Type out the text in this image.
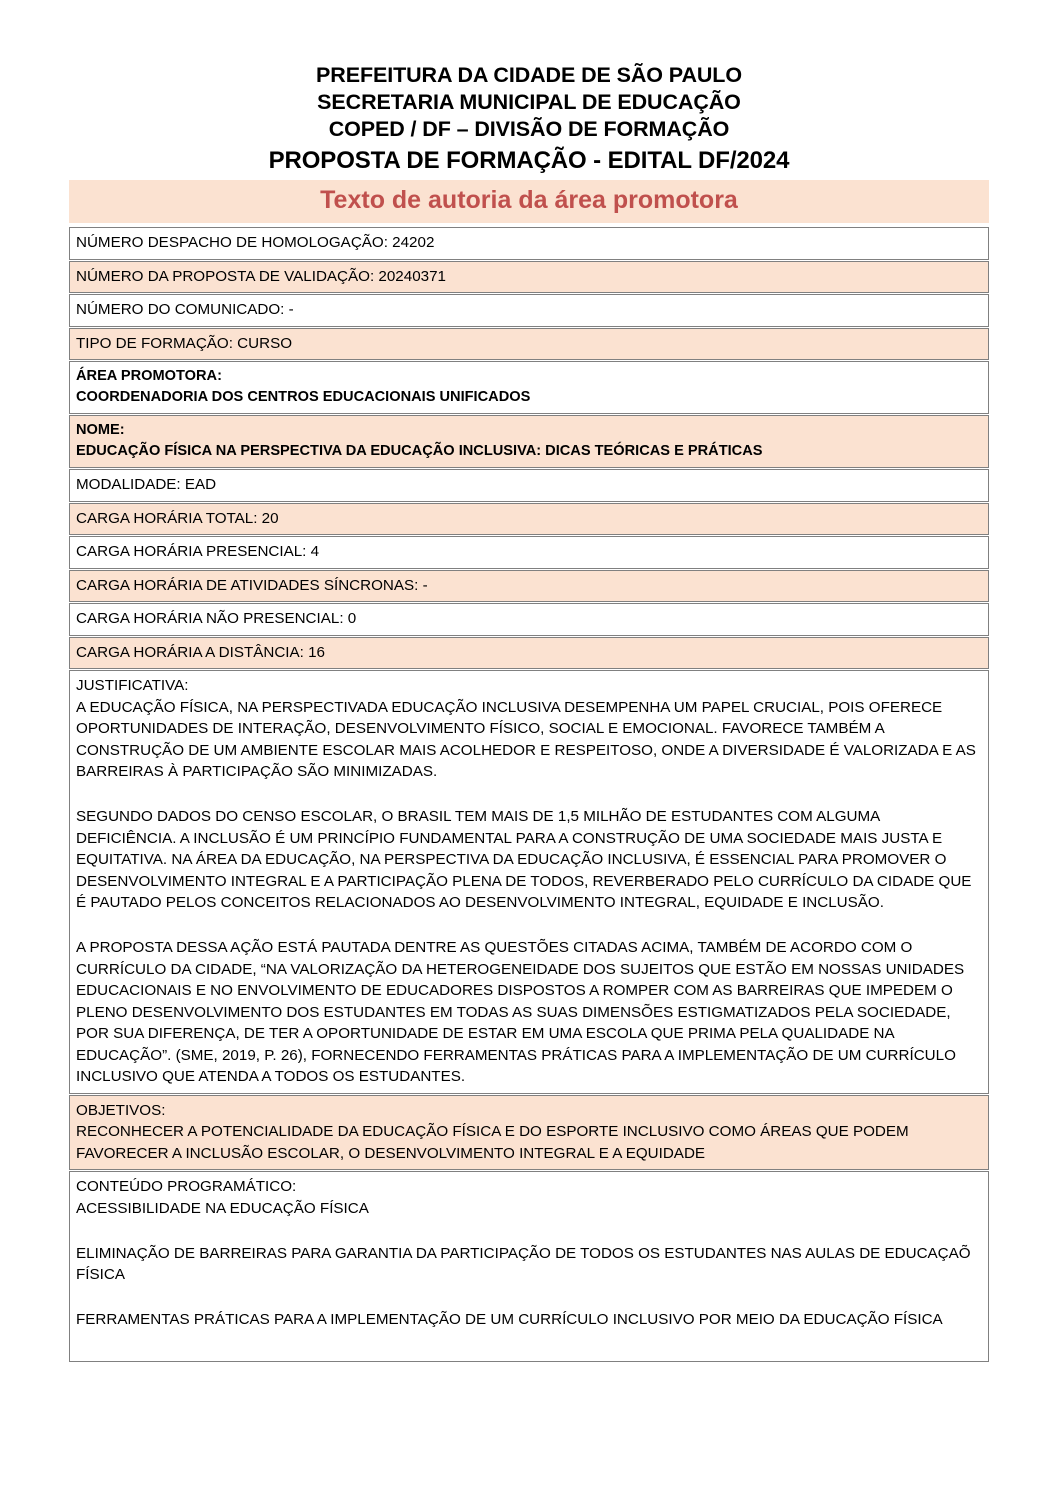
PREFEITURA DA CIDADE DE SÃO PAULO
SECRETARIA MUNICIPAL DE EDUCAÇÃO
COPED / DF – DIVISÃO DE FORMAÇÃO
PROPOSTA DE FORMAÇÃO - EDITAL DF/2024
Texto de autoria da área promotora
NÚMERO DESPACHO DE HOMOLOGAÇÃO: 24202
NÚMERO DA PROPOSTA DE VALIDAÇÃO: 20240371
NÚMERO DO COMUNICADO: -
TIPO DE FORMAÇÃO: CURSO

ÁREA PROMOTORA:
COORDENADORIA DOS CENTROS EDUCACIONAIS UNIFICADOS

NOME:
EDUCAÇÃO FÍSICA NA PERSPECTIVA DA EDUCAÇÃO INCLUSIVA: DICAS TEÓRICAS E PRÁTICAS

MODALIDADE: EAD
CARGA HORÁRIA TOTAL: 20
CARGA HORÁRIA PRESENCIAL: 4
CARGA HORÁRIA DE ATIVIDADES SÍNCRONAS: -
CARGA HORÁRIA NÃO PRESENCIAL: 0
CARGA HORÁRIA A DISTÂNCIA: 16

JUSTIFICATIVA:
A EDUCAÇÃO FÍSICA, NA PERSPECTIVADA EDUCAÇÃO INCLUSIVA DESEMPENHA UM PAPEL CRUCIAL, POIS OFERECE OPORTUNIDADES DE INTERAÇÃO, DESENVOLVIMENTO FÍSICO, SOCIAL E EMOCIONAL. FAVORECE TAMBÉM A CONSTRUÇÃO DE UM AMBIENTE ESCOLAR MAIS ACOLHEDOR E RESPEITOSO, ONDE A DIVERSIDADE É VALORIZADA E AS BARREIRAS À PARTICIPAÇÃO SÃO MINIMIZADAS.
SEGUNDO DADOS DO CENSO ESCOLAR, O BRASIL TEM MAIS DE 1,5 MILHÃO DE ESTUDANTES COM ALGUMA DEFICIÊNCIA. A INCLUSÃO É UM PRINCÍPIO FUNDAMENTAL PARA A CONSTRUÇÃO DE UMA SOCIEDADE MAIS JUSTA E EQUITATIVA. NA ÁREA DA EDUCAÇÃO, NA PERSPECTIVA DA EDUCAÇÃO INCLUSIVA, É ESSENCIAL PARA PROMOVER O DESENVOLVIMENTO INTEGRAL E A PARTICIPAÇÃO PLENA DE TODOS, REVERBERADO PELO CURRÍCULO DA CIDADE QUE É PAUTADO PELOS CONCEITOS RELACIONADOS AO DESENVOLVIMENTO INTEGRAL, EQUIDADE E INCLUSÃO.
A PROPOSTA DESSA AÇÃO ESTÁ PAUTADA DENTRE AS QUESTÕES CITADAS ACIMA, TAMBÉM DE ACORDO COM O CURRÍCULO DA CIDADE, “NA VALORIZAÇÃO DA HETEROGENEIDADE DOS SUJEITOS QUE ESTÃO EM NOSSAS UNIDADES EDUCACIONAIS E NO ENVOLVIMENTO DE EDUCADORES DISPOSTOS A ROMPER COM AS BARREIRAS QUE IMPEDEM O PLENO DESENVOLVIMENTO DOS ESTUDANTES EM TODAS AS SUAS DIMENSÕES ESTIGMATIZADOS PELA SOCIEDADE, POR SUA DIFERENÇA, DE TER A OPORTUNIDADE DE ESTAR EM UMA ESCOLA QUE PRIMA PELA QUALIDADE NA EDUCAÇÃO”. (SME, 2019, P. 26), FORNECENDO FERRAMENTAS PRÁTICAS PARA A IMPLEMENTAÇÃO DE UM CURRÍCULO INCLUSIVO QUE ATENDA A TODOS OS ESTUDANTES.

OBJETIVOS:
RECONHECER A POTENCIALIDADE DA EDUCAÇÃO FÍSICA E DO ESPORTE INCLUSIVO COMO ÁREAS QUE PODEM FAVORECER A INCLUSÃO ESCOLAR, O DESENVOLVIMENTO INTEGRAL E A EQUIDADE

CONTEÚDO PROGRAMÁTICO:
ACESSIBILIDADE NA EDUCAÇÃO FÍSICA
ELIMINAÇÃO DE BARREIRAS PARA GARANTIA DA PARTICIPAÇÃO DE TODOS OS ESTUDANTES NAS AULAS DE EDUCAÇAÕ FÍSICA
FERRAMENTAS PRÁTICAS PARA A IMPLEMENTAÇÃO DE UM CURRÍCULO INCLUSIVO POR MEIO DA EDUCAÇÃO FÍSICA
